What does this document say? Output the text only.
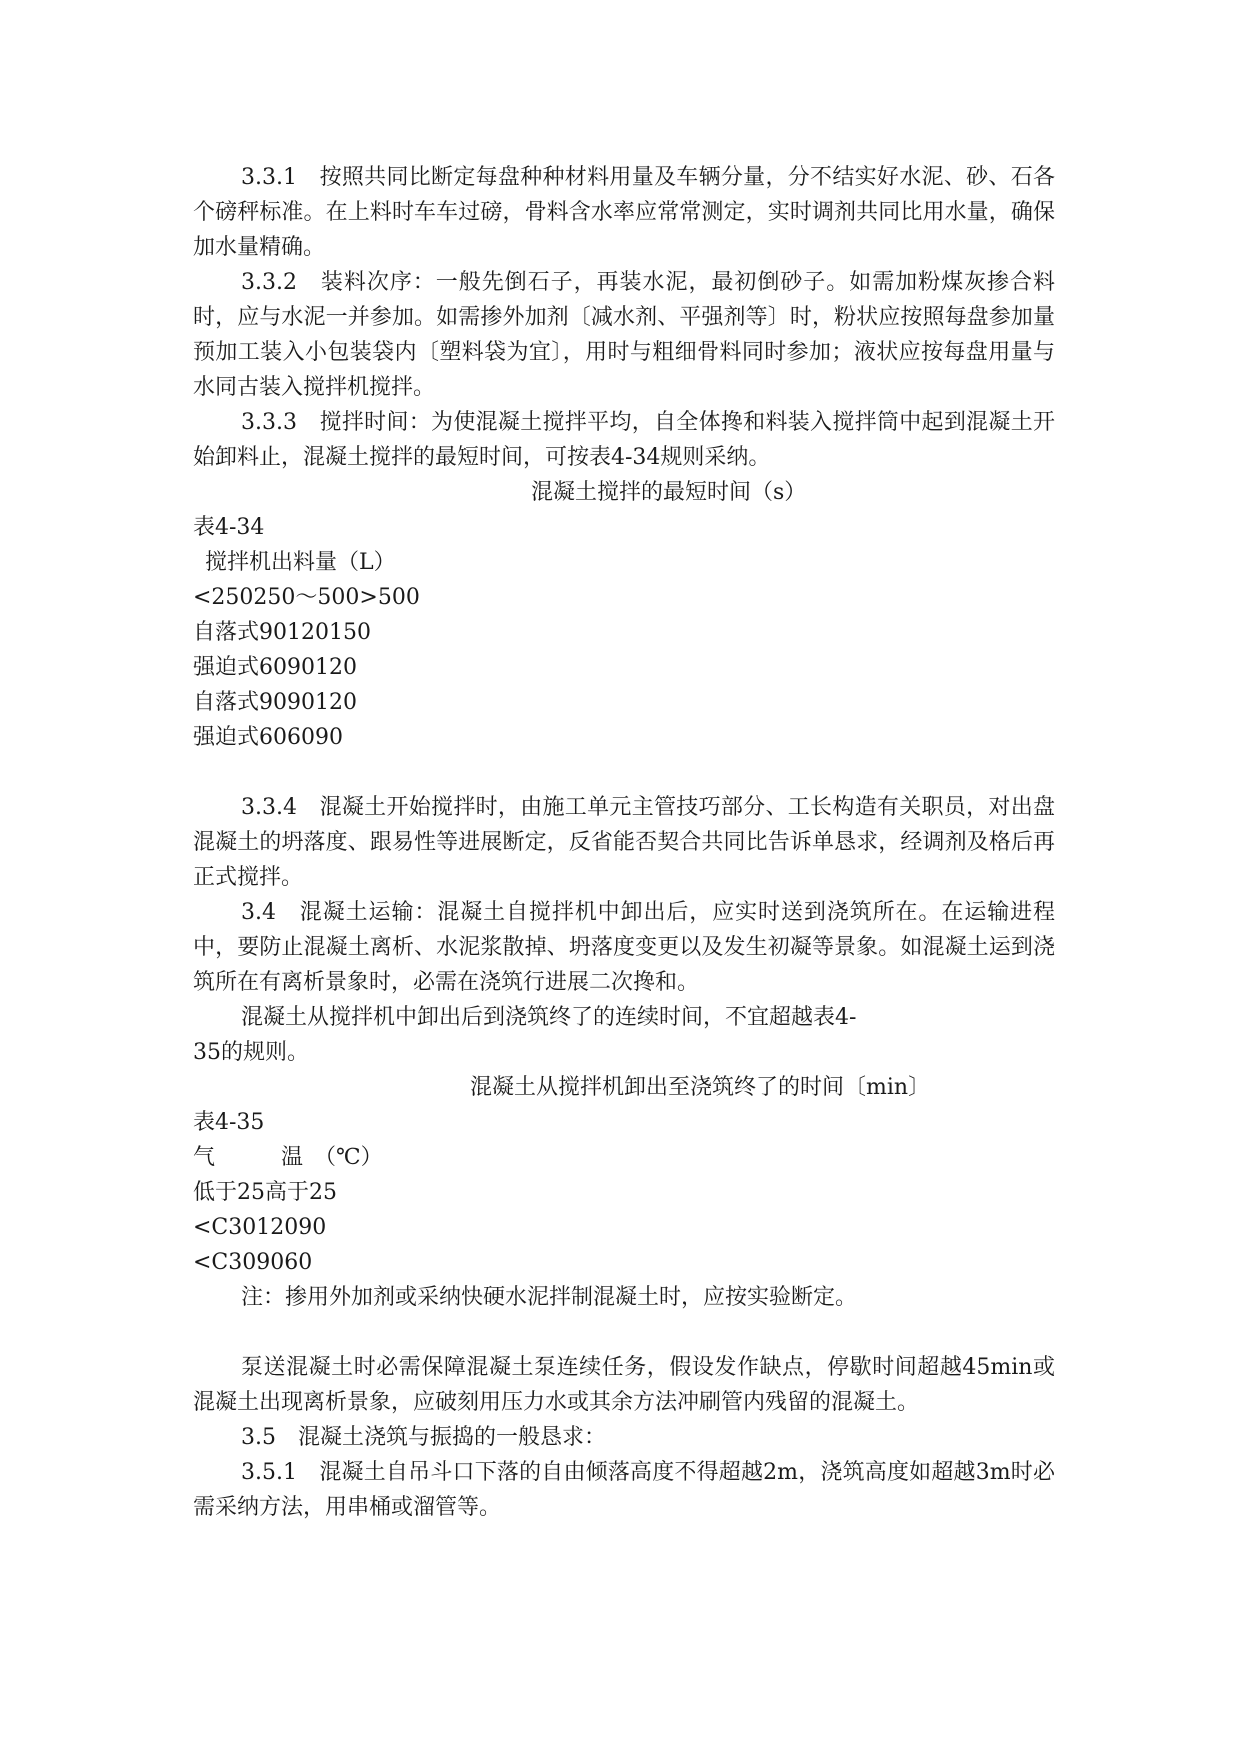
3.3.1　按照共同比断定每盘种种材料用量及车辆分量，分不结实好水泥、砂、石各个磅秤标准。在上料时车车过磅，骨料含水率应常常测定，实时调剂共同比用水量，确保加水量精确。

3.3.2　装料次序：一般先倒石子，再装水泥，最初倒砂子。如需加粉煤灰掺合料时，应与水泥一并参加。如需掺外加剂〔减水剂、平强剂等〕时，粉状应按照每盘参加量预加工装入小包装袋内〔塑料袋为宜〕，用时与粗细骨料同时参加；液状应按每盘用量与水同古装入搅拌机搅拌。

3.3.3　搅拌时间：为使混凝土搅拌平均，自全体搀和料装入搅拌筒中起到混凝土开始卸料止，混凝土搅拌的最短时间，可按表4-34规则采纳。

混凝土搅拌的最短时间（s）

表4-34

搅拌机出料量（L）

<250250～500>500

自落式90120150

强迫式6090120

自落式9090120

强迫式606090

3.3.4　混凝土开始搅拌时，由施工单元主管技巧部分、工长构造有关职员，对出盘混凝土的坍落度、跟易性等进展断定，反省能否契合共同比告诉单恳求，经调剂及格后再正式搅拌。

3.4　混凝土运输：混凝土自搅拌机中卸出后，应实时送到浇筑所在。在运输进程中，要防止混凝土离析、水泥浆散掉、坍落度变更以及发生初凝等景象。如混凝土运到浇筑所在有离析景象时，必需在浇筑行进展二次搀和。

混凝土从搅拌机中卸出后到浇筑终了的连续时间，不宜超越表4-

35的规则。

混凝土从搅拌机卸出至浇筑终了的时间〔min〕

表4-35

气　　　温　（℃）

低于25高于25

<C3012090

<C309060

注：掺用外加剂或采纳快硬水泥拌制混凝土时，应按实验断定。

泵送混凝土时必需保障混凝土泵连续任务，假设发作缺点，停歇时间超越45min或混凝土出现离析景象，应破刻用压力水或其余方法冲刷管内残留的混凝土。

3.5　混凝土浇筑与振捣的一般恳求：

3.5.1　混凝土自吊斗口下落的自由倾落高度不得超越2m，浇筑高度如超越3m时必需采纳方法，用串桶或溜管等。
